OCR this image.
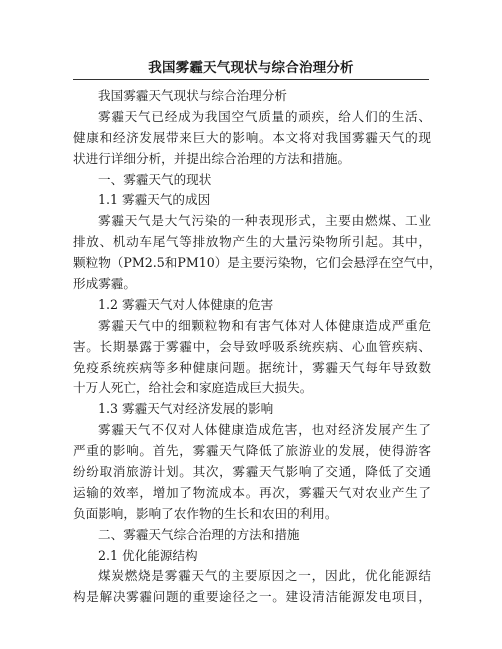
我国雾霾天气现状与综合治理分析
我国雾霾天气现状与综合治理分析
雾霾天气已经成为我国空气质量的顽疾，给人们的生活、
健康和经济发展带来巨大的影响。本文将对我国雾霾天气的现
状进行详细分析，并提出综合治理的方法和措施。
一、雾霾天气的现状
1.1 雾霾天气的成因
雾霾天气是大气污染的一种表现形式，主要由燃煤、工业
排放、机动车尾气等排放物产生的大量污染物所引起。其中，
颗粒物（PM2.5和PM10）是主要污染物，它们会悬浮在空气中，
形成雾霾。
1.2 雾霾天气对人体健康的危害
雾霾天气中的细颗粒物和有害气体对人体健康造成严重危
害。长期暴露于雾霾中，会导致呼吸系统疾病、心血管疾病、
免疫系统疾病等多种健康问题。据统计，雾霾天气每年导致数
十万人死亡，给社会和家庭造成巨大损失。
1.3 雾霾天气对经济发展的影响
雾霾天气不仅对人体健康造成危害，也对经济发展产生了
严重的影响。首先，雾霾天气降低了旅游业的发展，使得游客
纷纷取消旅游计划。其次，雾霾天气影响了交通，降低了交通
运输的效率，增加了物流成本。再次，雾霾天气对农业产生了
负面影响，影响了农作物的生长和农田的利用。
二、雾霾天气综合治理的方法和措施
2.1 优化能源结构
煤炭燃烧是雾霾天气的主要原因之一，因此，优化能源结
构是解决雾霾问题的重要途径之一。建设清洁能源发电项目，
